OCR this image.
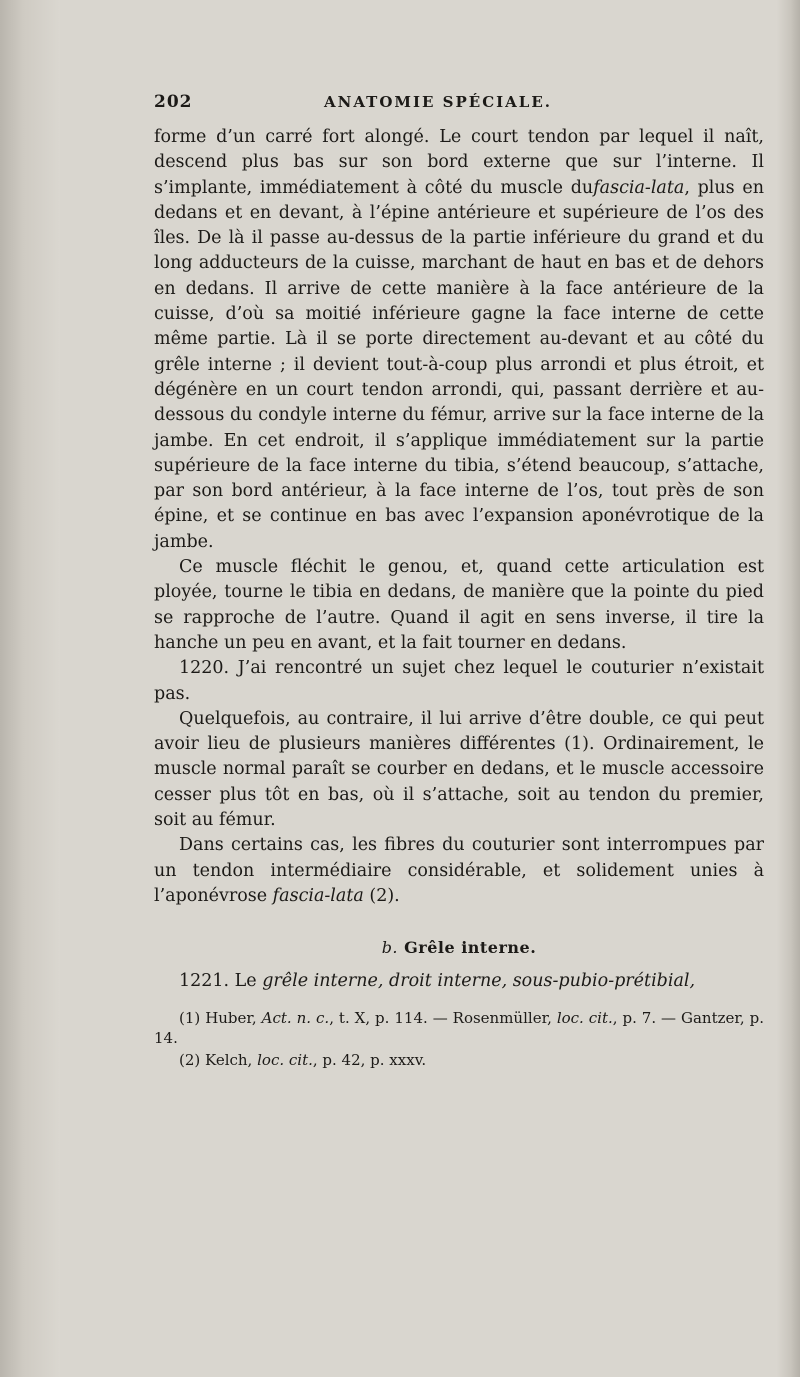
202	ANATOMIE SPÉCIALE.

forme d’un carré fort alongé. Le court tendon par lequel il naît, descend plus bas sur son bord externe que sur l’interne. Il s’implante, immédiatement à côté du muscle dufascia-lata, plus en dedans et en devant, à l’épine antérieure et supérieure de l’os des îles. De là il passe au-dessus de la partie inférieure du grand et du long adducteurs de la cuisse, marchant de haut en bas et de dehors en dedans. Il arrive de cette manière à la face antérieure de la cuisse, d’où sa moitié inférieure gagne la face interne de cette même partie. Là il se porte directement au-devant et au côté du grêle interne ; il devient tout-à-coup plus arrondi et plus étroit, et dégénère en un court tendon arrondi, qui, passant derrière et au-dessous du condyle interne du fémur, arrive sur la face interne de la jambe. En cet endroit, il s’applique immédiatement sur la partie supérieure de la face interne du tibia, s’étend beaucoup, s’attache, par son bord antérieur, à la face interne de l’os, tout près de son épine, et se continue en bas avec l’expansion aponévrotique de la jambe.

Ce muscle fléchit le genou, et, quand cette articulation est ployée, tourne le tibia en dedans, de manière que la pointe du pied se rapproche de l’autre. Quand il agit en sens inverse, il tire la hanche un peu en avant, et la fait tourner en dedans.

1220. J’ai rencontré un sujet chez lequel le couturier n’existait pas.

Quelquefois, au contraire, il lui arrive d’être double, ce qui peut avoir lieu de plusieurs manières différentes (1). Ordinairement, le muscle normal paraît se courber en dedans, et le muscle accessoire cesser plus tôt en bas, où il s’attache, soit au tendon du premier, soit au fémur.

Dans certains cas, les fibres du couturier sont interrompues par un tendon intermédiaire considérable, et solidement unies à l’aponévrose fascia-lata (2).

b. Grêle interne.

1221. Le grêle interne, droit interne, sous-pubio-prétibial,

(1) Huber, Act. n. c., t. X, p. 114. — Rosenmüller, loc. cit., p. 7. — Gantzer, p. 14.

(2) Kelch, loc. cit., p. 42, p. xxxv.
